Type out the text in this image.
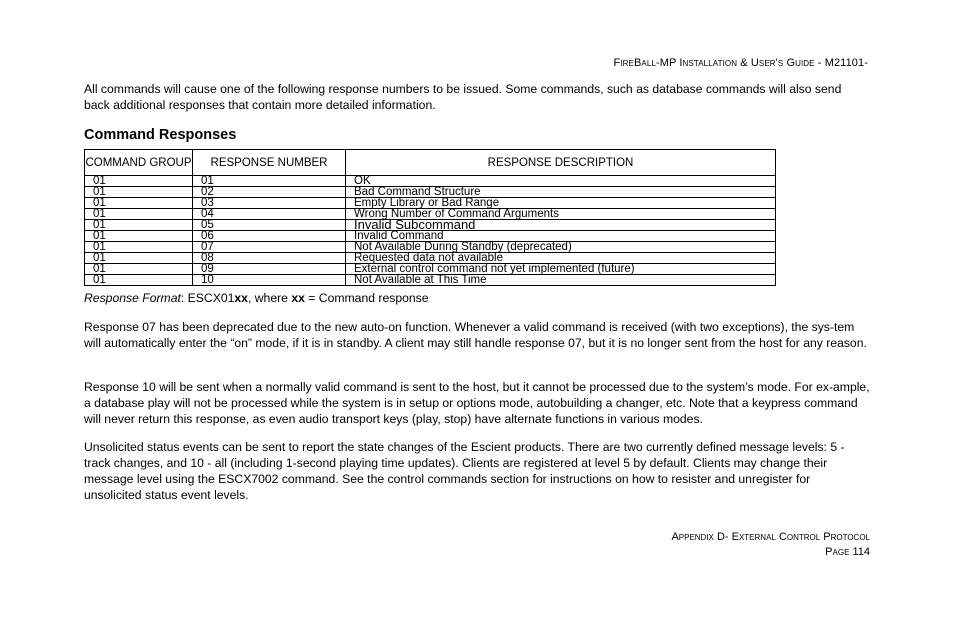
FireBall-MP Installation & User's Guide - M21101-
All commands will cause one of the following response numbers to be issued. Some commands, such as database commands will also send back additional responses that contain more detailed information.
Command Responses
COMMAND GROUP	RESPONSE NUMBER	RESPONSE DESCRIPTION
01	01	OK
01	02	Bad Command Structure
01	03	Empty Library or Bad Range
01	04	Wrong Number of Command Arguments
01	05	Invalid Subcommand
01	06	Invalid Command
01	07	Not Available During Standby (deprecated)
01	08	Requested data not available
01	09	External control command not yet implemented (future)
01	10	Not Available at This Time
Response Format: ESCX01xx, where xx = Command response
Response 07 has been deprecated due to the new auto-on function. Whenever a valid command is received (with two exceptions), the sys-tem will automatically enter the “on” mode, if it is in standby. A client may still handle response 07, but it is no longer sent from the host for any reason.
Response 10 will be sent when a normally valid command is sent to the host, but it cannot be processed due to the system’s mode. For ex-ample, a database play will not be processed while the system is in setup or options mode, autobuilding a changer, etc. Note that a keypress command will never return this response, as even audio transport keys (play, stop) have alternate functions in various modes.
Unsolicited status events can be sent to report the state changes of the Escient products. There are two currently defined message levels: 5 - track changes, and 10 - all (including 1-second playing time updates). Clients are registered at level 5 by default. Clients may change their message level using the ESCX7002 command. See the control commands section for instructions on how to resister and unregister for unsolicited status event levels.
Appendix D- External Control Protocol
Page 114
